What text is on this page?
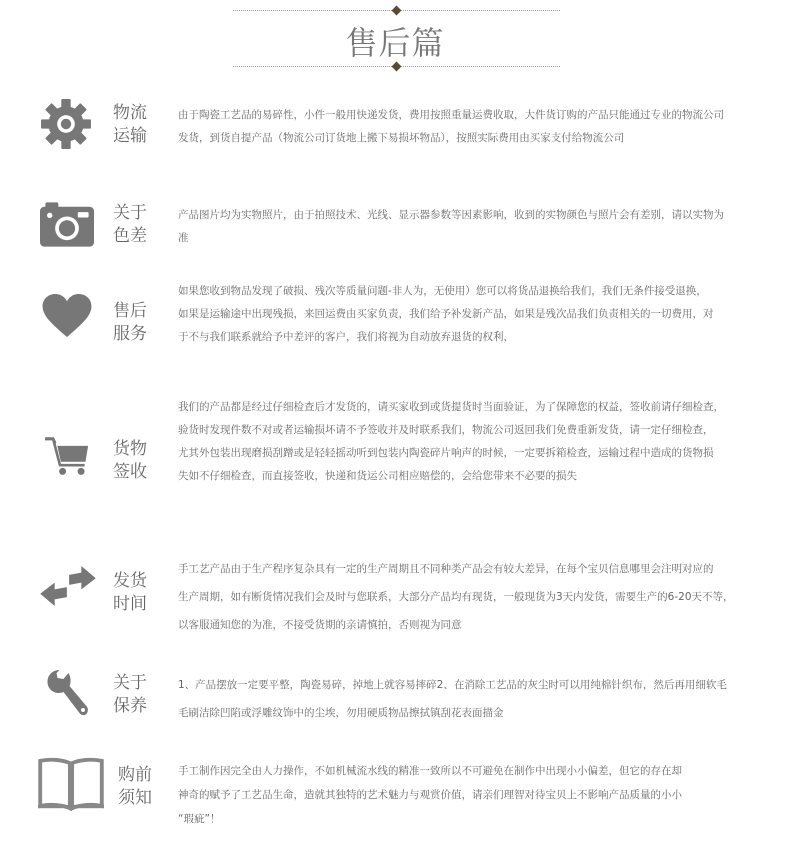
售后篇
物流
运输
由于陶瓷工艺品的易碎性，小件一般用快递发货，费用按照重量运费收取，大件货订购的产品只能通过专业的物流公司
发货，到货自提产品（物流公司订货地上搬下易损坏物品），按照实际费用由买家支付给物流公司
关于
色差
产品图片均为实物照片，由于拍照技术、光线、显示器参数等因素影响，收到的实物颜色与照片会有差别，请以实物为
准
售后
服务
如果您收到物品发现了破损、残次等质量问题-非人为，无使用）您可以将货品退换给我们，我们无条件接受退换，
如果是运输途中出现残损，来回运费由买家负责，我们给予补发新产品，如果是残次品我们负责相关的一切费用，对
于不与我们联系就给予中差评的客户，我们将视为自动放弃退货的权利，
货物
签收
我们的产品都是经过仔细检查后才发货的，请买家收到或货提货时当面验证，为了保障您的权益，签收前请仔细检查，
验货时发现件数不对或者运输损坏请不予签收并及时联系我们，物流公司返回我们免费重新发货，请一定仔细检查，
尤其外包装出现磨损刮蹭或是轻轻摇动听到包装内陶瓷碎片响声的时候，一定要拆箱检查，运输过程中造成的货物损
失如不仔细检查，而直接签收，快递和货运公司相应赔偿的，会给您带来不必要的损失
发货
时间
手工艺产品由于生产程序复杂具有一定的生产周期且不同种类产品会有较大差异，在每个宝贝信息哪里会注明对应的
生产周期，如有断货情况我们会及时与您联系，大部分产品均有现货，一般现货为3天内发货，需要生产的6-20天不等，
以客服通知您的为准，不接受货期的亲请慎拍，否则视为同意
关于
保养
1、产品摆放一定要平整，陶瓷易碎，掉地上就容易摔碎2、在消除工艺品的灰尘时可以用纯棉针织布，然后再用细软毛
毛刷洁除凹陷或浮雕纹饰中的尘埃，勿用硬质物品擦拭镇刮花表面描金
购前
须知
手工制作因完全由人力操作，不如机械流水线的精准一致所以不可避免在制作中出现小小偏差，但它的存在却
神奇的赋予了工艺品生命，造就其独特的艺术魅力与观赏价值，请亲们理智对待宝贝上不影响产品质量的小小
“瑕疵”！
